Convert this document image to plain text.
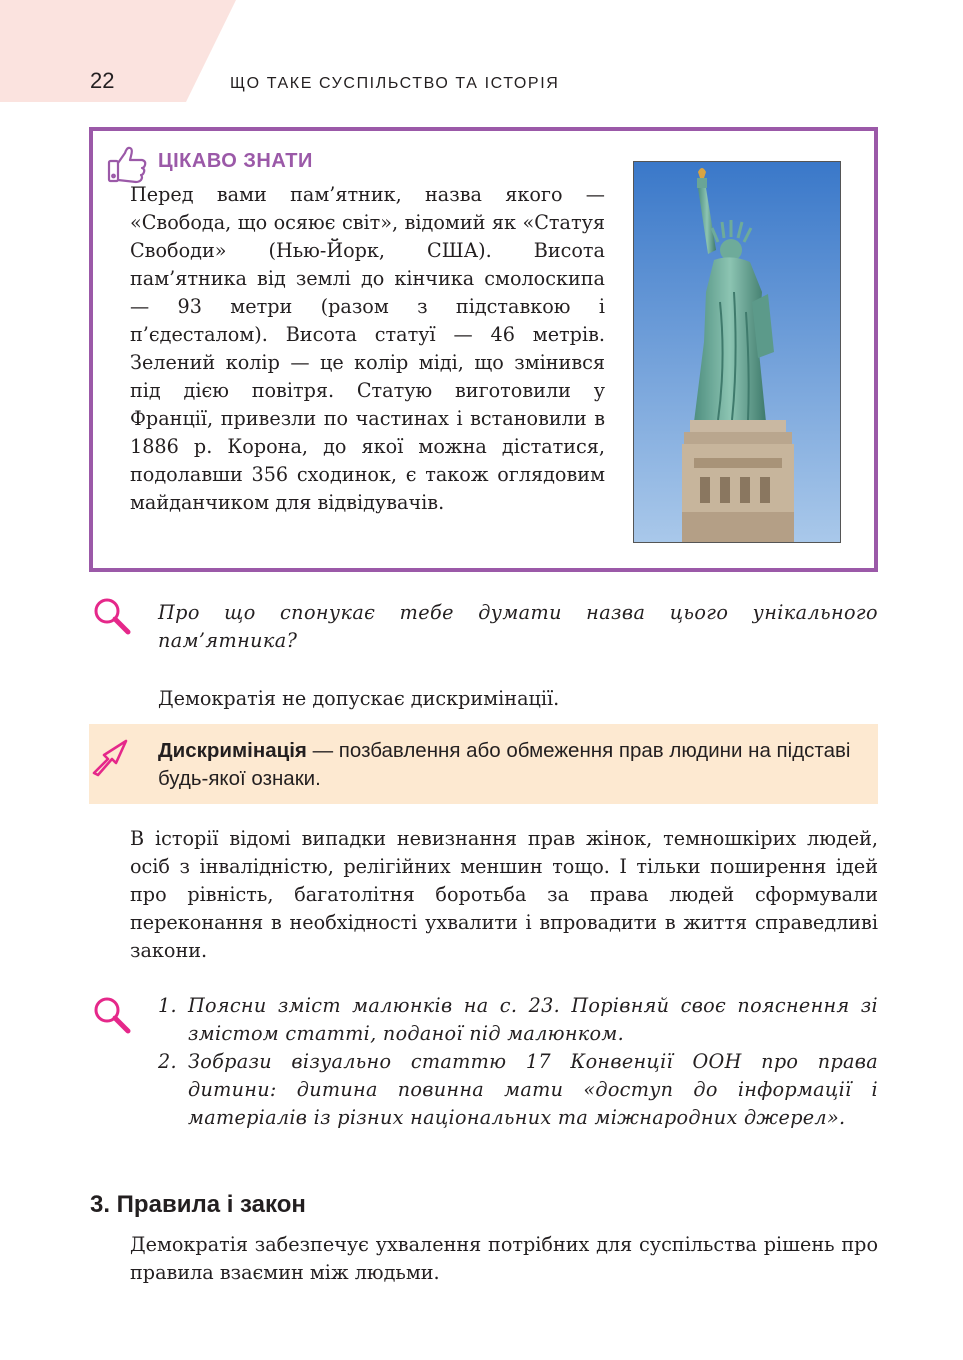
22	ЩО ТАКЕ СУСПІЛЬСТВО ТА ІСТОРІЯ
ЦІКАВО ЗНАТИ
Перед вами пам’ятник, назва якого — «Свобода, що осяює світ», відомий як «Статуя Свободи» (Нью-Йорк, США). Висота пам’ятника від землі до кінчика смолоскипа — 93 метри (разом з підставкою і п’єдесталом). Висота статуї — 46 метрів. Зелений колір — це колір міді, що змінився під дією повітря. Статую виготовили у Франції, привезли по частинах і встановили в 1886 р. Корона, до якої можна дістатися, подолавши 356 сходинок, є також оглядовим майданчиком для відвідувачів.
Про що спонукає тебе думати назва цього унікального пам’ятника?
Демократія не допускає дискримінації.
Дискримінація — позбавлення або обмеження прав людини на підставі будь-якої ознаки.
В історії відомі випадки невизнання прав жінок, темношкірих людей, осіб з інвалідністю, релігійних меншин тощо. І тільки поширення ідей про рівність, багатолітня боротьба за права людей сформували переконання в необхідності ухвалити і впровадити в життя справедливі закони.
1. Поясни зміст малюнків на с. 23. Порівняй своє пояснення зі змістом статті, поданої під малюнком.
2. Зобрази візуально статтю 17 Конвенції ООН про права дитини: дитина повинна мати «доступ до інформації і матеріалів із різних національних та міжнародних джерел».
3. Правила і закон
Демократія забезпечує ухвалення потрібних для суспільства рішень про правила взаємин між людьми.
